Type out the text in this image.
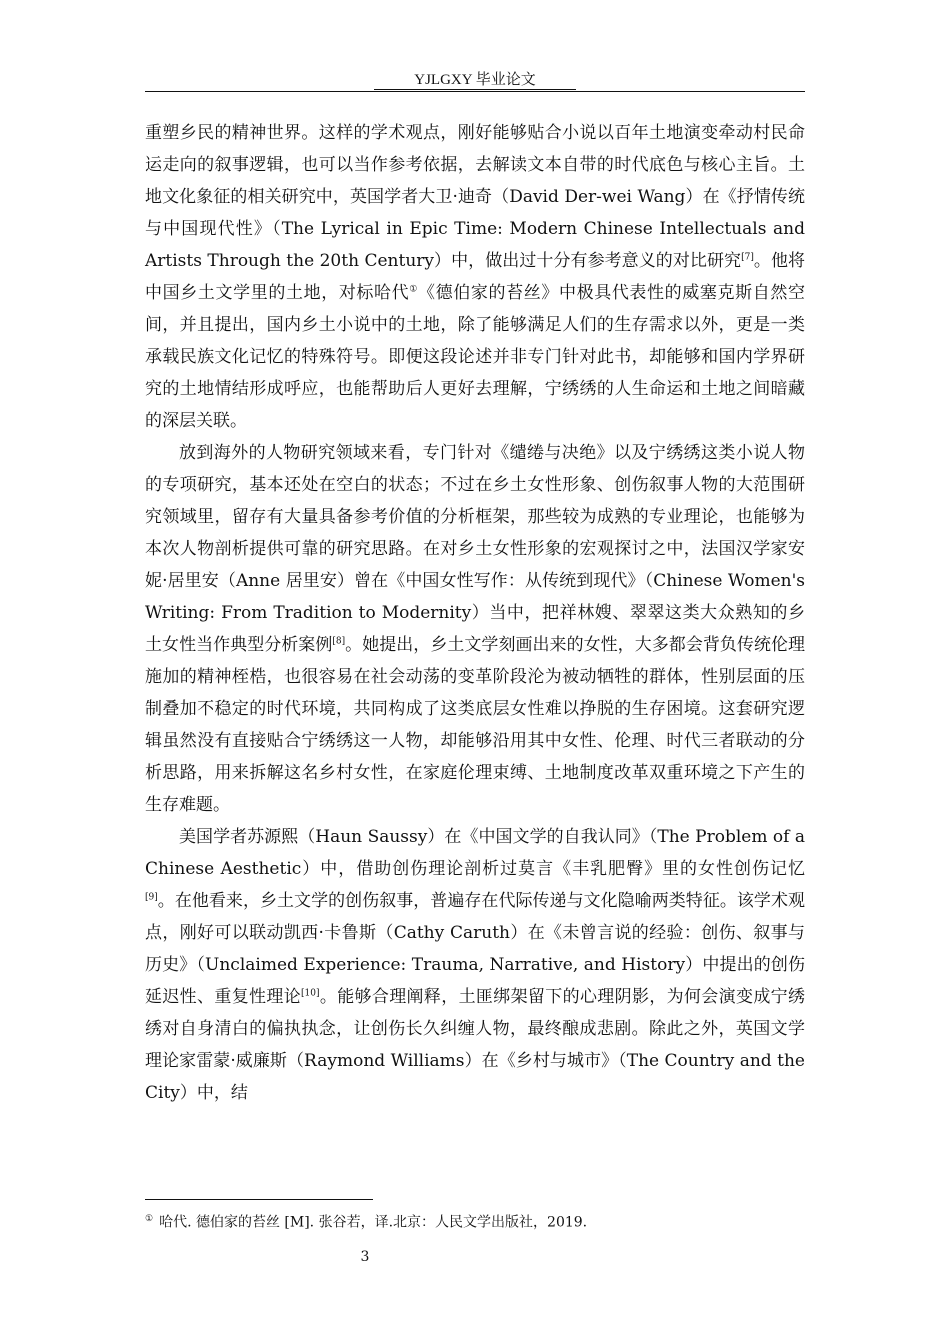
YJLGXY 毕业论文

重塑乡民的精神世界。这样的学术观点，刚好能够贴合小说以百年土地演变牵动村民命运走向的叙事逻辑，也可以当作参考依据，去解读文本自带的时代底色与核心主旨。土地文化象征的相关研究中，英国学者大卫·迪奇（David Der-wei Wang）在《抒情传统与中国现代性》（The Lyrical in Epic Time: Modern Chinese Intellectuals and Artists Through the 20th Century）中，做出过十分有参考意义的对比研究[7]。他将中国乡土文学里的土地，对标哈代①《德伯家的苔丝》中极具代表性的威塞克斯自然空间，并且提出，国内乡土小说中的土地，除了能够满足人们的生存需求以外，更是一类承载民族文化记忆的特殊符号。即便这段论述并非专门针对此书，却能够和国内学界研究的土地情结形成呼应，也能帮助后人更好去理解，宁绣绣的人生命运和土地之间暗藏的深层关联。

放到海外的人物研究领域来看，专门针对《缱绻与决绝》以及宁绣绣这类小说人物的专项研究，基本还处在空白的状态；不过在乡土女性形象、创伤叙事人物的大范围研究领域里，留存有大量具备参考价值的分析框架，那些较为成熟的专业理论，也能够为本次人物剖析提供可靠的研究思路。在对乡土女性形象的宏观探讨之中，法国汉学家安妮·居里安（Anne 居里安）曾在《中国女性写作：从传统到现代》（Chinese Women's Writing: From Tradition to Modernity）当中，把祥林嫂、翠翠这类大众熟知的乡土女性当作典型分析案例[8]。她提出，乡土文学刻画出来的女性，大多都会背负传统伦理施加的精神桎梏，也很容易在社会动荡的变革阶段沦为被动牺牲的群体，性别层面的压制叠加不稳定的时代环境，共同构成了这类底层女性难以挣脱的生存困境。这套研究逻辑虽然没有直接贴合宁绣绣这一人物，却能够沿用其中女性、伦理、时代三者联动的分析思路，用来拆解这名乡村女性，在家庭伦理束缚、土地制度改革双重环境之下产生的生存难题。

美国学者苏源熙（Haun Saussy）在《中国文学的自我认同》（The Problem of a Chinese Aesthetic）中，借助创伤理论剖析过莫言《丰乳肥臀》里的女性创伤记忆[9]。在他看来，乡土文学的创伤叙事，普遍存在代际传递与文化隐喻两类特征。该学术观点，刚好可以联动凯西·卡鲁斯（Cathy Caruth）在《未曾言说的经验：创伤、叙事与历史》（Unclaimed Experience: Trauma, Narrative, and History）中提出的创伤延迟性、重复性理论[10]。能够合理阐释，土匪绑架留下的心理阴影，为何会演变成宁绣绣对自身清白的偏执执念，让创伤长久纠缠人物，最终酿成悲剧。除此之外，英国文学理论家雷蒙·威廉斯（Raymond Williams）在《乡村与城市》（The Country and the City）中，结

① 哈代. 德伯家的苔丝 [M]. 张谷若，译.北京：人民文学出版社，2019.
3
